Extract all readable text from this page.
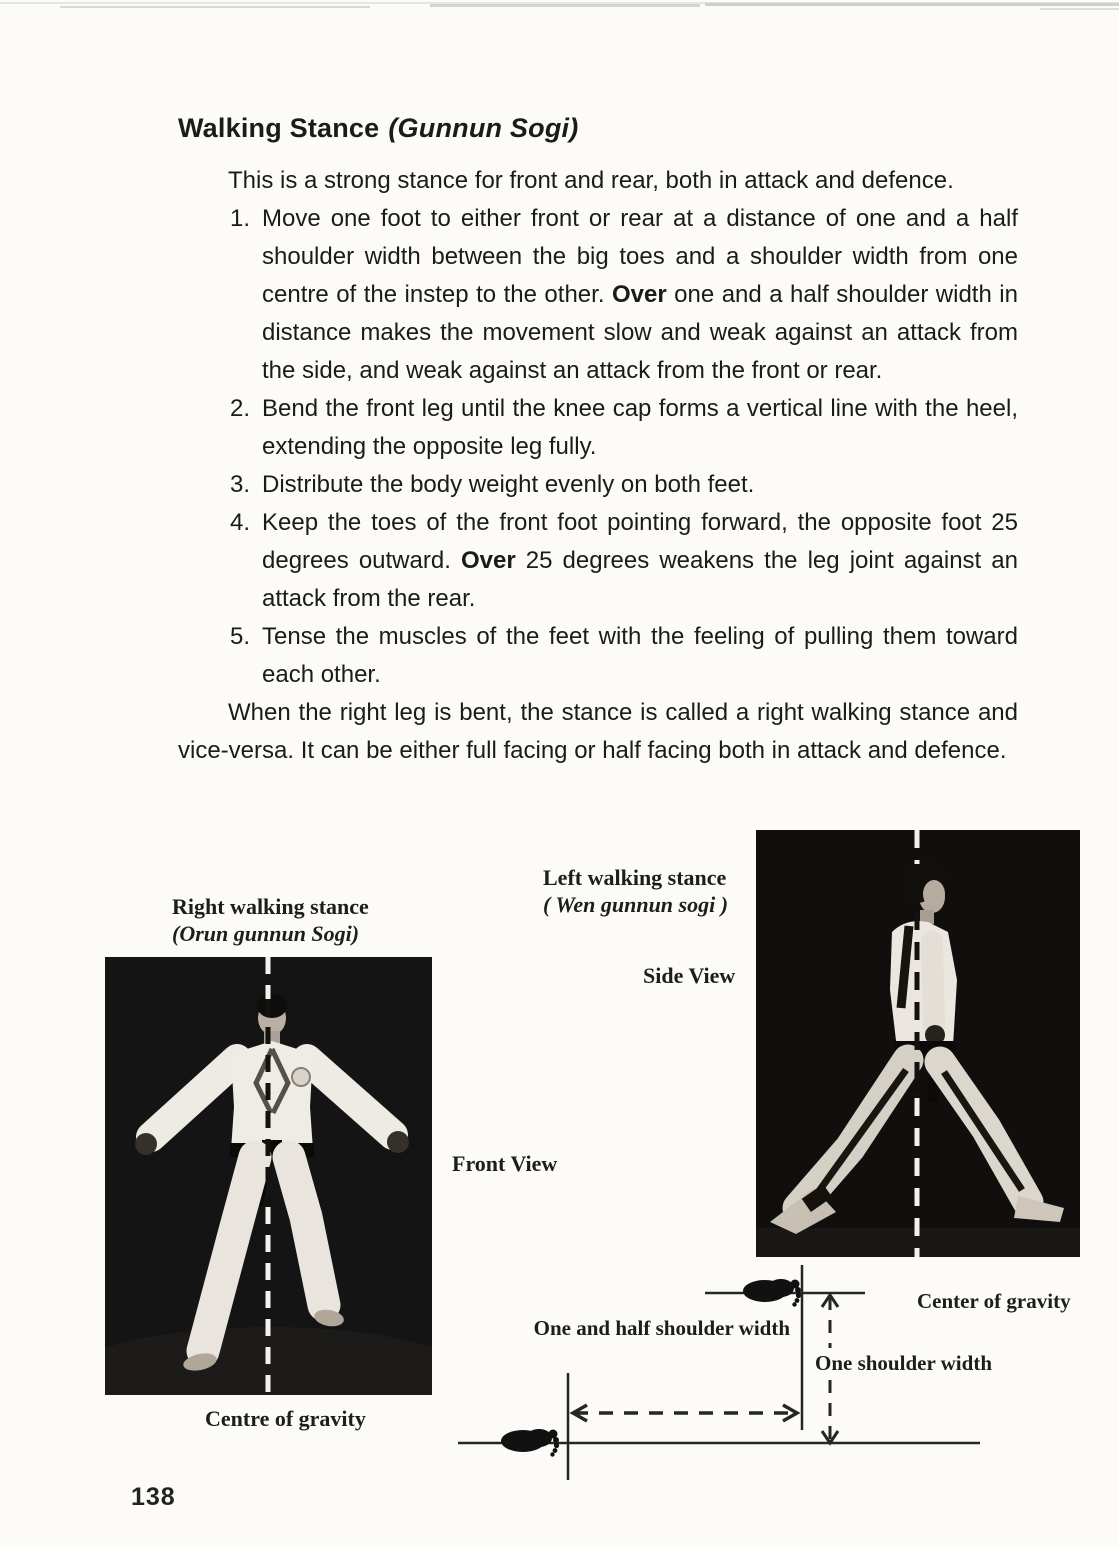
Walking Stance (Gunnun Sogi)

This is a strong stance for front and rear, both in attack and defence.

1. Move one foot to either front or rear at a distance of one and a half shoulder width between the big toes and a shoulder width from one centre of the instep to the other. Over one and a half shoulder width in distance makes the movement slow and weak against an attack from the side, and weak against an attack from the front or rear.
2. Bend the front leg until the knee cap forms a vertical line with the heel, extending the opposite leg fully.
3. Distribute the body weight evenly on both feet.
4. Keep the toes of the front foot pointing forward, the opposite foot 25 degrees outward. Over 25 degrees weakens the leg joint against an attack from the rear.
5. Tense the muscles of the feet with the feeling of pulling them toward each other.

When the right leg is bent, the stance is called a right walking stance and vice-versa. It can be either full facing or half facing both in attack and defence.

Right walking stance
(Orun gunnun Sogi)
Left walking stance
( Wen gunnun sogi )
Side View
Front View
Centre of gravity
Center of gravity
One and half shoulder width
One shoulder width
138
